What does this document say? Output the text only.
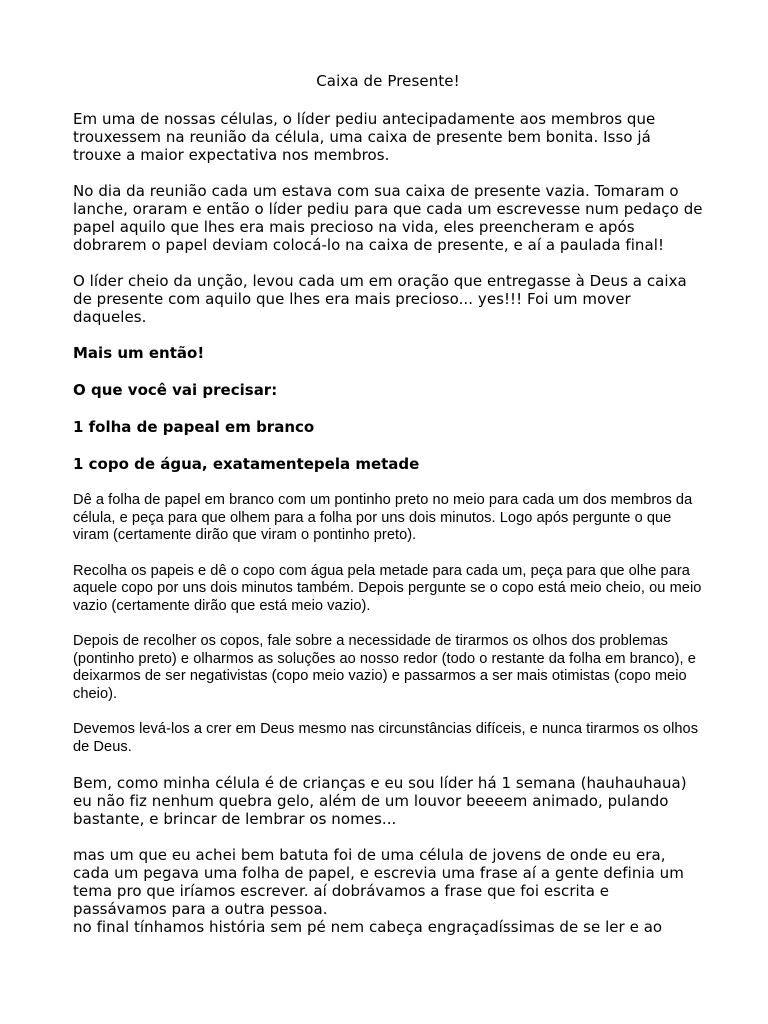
Caixa de Presente!

Em uma de nossas células, o líder pediu antecipadamente aos membros que trouxessem na reunião da célula, uma caixa de presente bem bonita. Isso já trouxe a maior expectativa nos membros.

No dia da reunião cada um estava com sua caixa de presente vazia. Tomaram o lanche, oraram e então o líder pediu para que cada um escrevesse num pedaço de papel aquilo que lhes era mais precioso na vida, eles preencheram e após dobrarem o papel deviam colocá-lo na caixa de presente, e aí a paulada final!

O líder cheio da unção, levou cada um em oração que entregasse à Deus a caixa de presente com aquilo que lhes era mais precioso... yes!!! Foi um mover daqueles.

Mais um então!

O que você vai precisar:

1 folha de papeal em branco

1 copo de água, exatamentepela metade

Dê a folha de papel em branco com um pontinho preto no meio para cada um dos membros da célula, e peça para que olhem para a folha por uns dois minutos. Logo após pergunte o que viram (certamente dirão que viram o pontinho preto).

Recolha os papeis e dê o copo com água pela metade para cada um, peça para que olhe para aquele copo por uns dois minutos também. Depois pergunte se o copo está meio cheio, ou meio vazio (certamente dirão que está meio vazio).

Depois de recolher os copos, fale sobre a necessidade de tirarmos os olhos dos problemas (pontinho preto) e olharmos as soluções ao nosso redor (todo o restante da folha em branco), e deixarmos de ser negativistas (copo meio vazio) e passarmos a ser mais otimistas (copo meio cheio).

Devemos levá-los a crer em Deus mesmo nas circunstâncias difíceis, e nunca tirarmos os olhos de Deus.

Bem, como minha célula é de crianças e eu sou líder há 1 semana (hauhauhaua) eu não fiz nenhum quebra gelo, além de um louvor beeeem animado, pulando bastante, e brincar de lembrar os nomes...

mas um que eu achei bem batuta foi de uma célula de jovens de onde eu era, cada um pegava uma folha de papel, e escrevia uma frase aí a gente definia um tema pro que iríamos escrever. aí dobrávamos a frase que foi escrita e passávamos para a outra pessoa.

no final tínhamos história sem pé nem cabeça engraçadíssimas de se ler e ao
